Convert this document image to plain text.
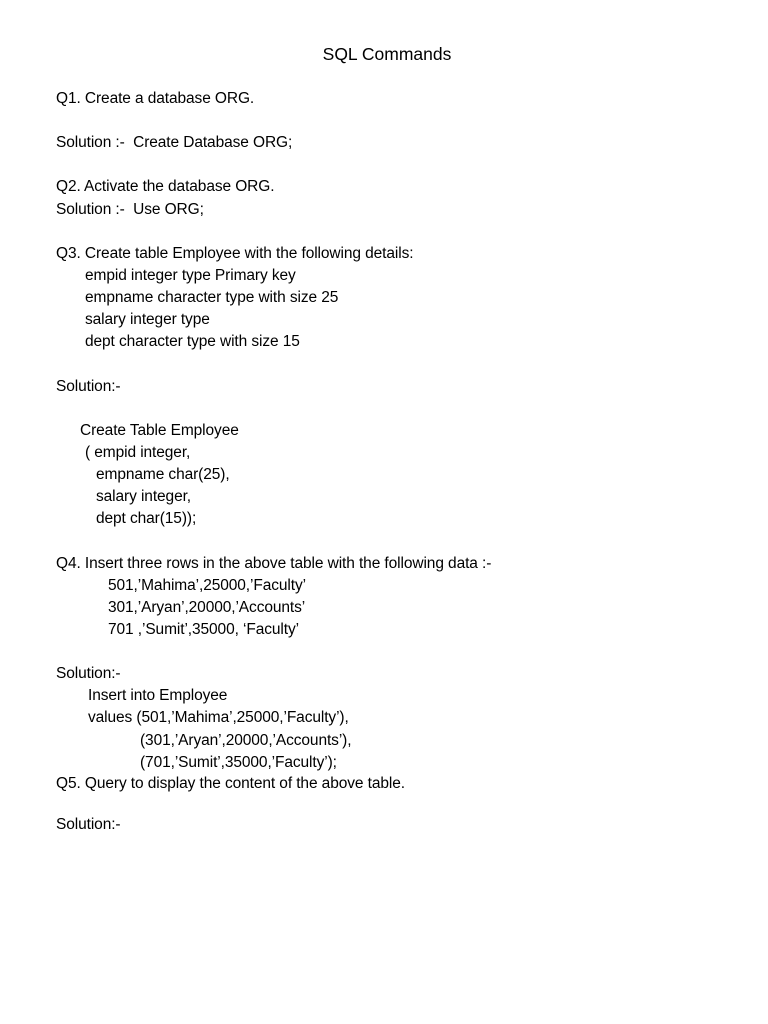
SQL Commands
Q1. Create a database ORG.
Solution :-  Create Database ORG;
Q2. Activate the database ORG.
Solution :-  Use ORG;
Q3. Create table Employee with the following details:
empid integer type Primary key
empname character type with size 25
salary integer type
dept character type with size 15
Solution:-
Create Table Employee
( empid integer,
empname char(25),
salary integer,
dept char(15));
Q4. Insert three rows in the above table with the following data :-
501,’Mahima’,25000,’Faculty’
301,’Aryan’,20000,’Accounts’
701 ,’Sumit’,35000, ‘Faculty’
Solution:-
Insert into Employee
values (501,’Mahima’,25000,’Faculty’),
(301,’Aryan’,20000,’Accounts’),
(701,’Sumit’,35000,’Faculty’);
Q5. Query to display the content of the above table.
Solution:-
